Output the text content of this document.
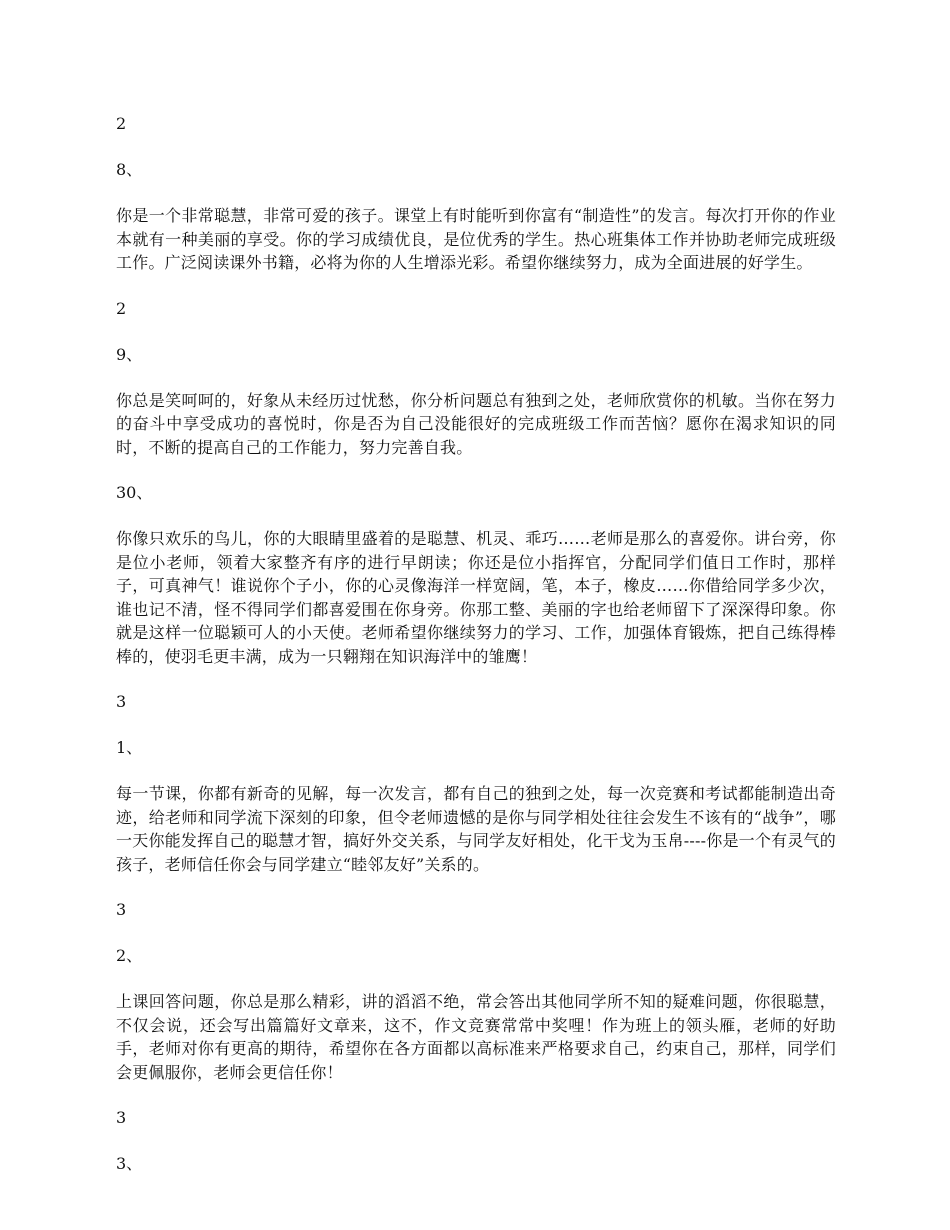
2

8、

你是一个非常聪慧，非常可爱的孩子。课堂上有时能听到你富有“制造性”的发言。每次打开你的作业本就有一种美丽的享受。你的学习成绩优良，是位优秀的学生。热心班集体工作并协助老师完成班级工作。广泛阅读课外书籍，必将为你的人生增添光彩。希望你继续努力，成为全面进展的好学生。

2

9、

你总是笑呵呵的，好象从未经历过忧愁，你分析问题总有独到之处，老师欣赏你的机敏。当你在努力的奋斗中享受成功的喜悦时，你是否为自己没能很好的完成班级工作而苦恼？愿你在渴求知识的同时，不断的提高自己的工作能力，努力完善自我。

30、

你像只欢乐的鸟儿，你的大眼睛里盛着的是聪慧、机灵、乖巧……老师是那么的喜爱你。讲台旁，你是位小老师，领着大家整齐有序的进行早朗读；你还是位小指挥官，分配同学们值日工作时，那样子，可真神气！谁说你个子小，你的心灵像海洋一样宽阔，笔，本子，橡皮……你借给同学多少次，谁也记不清，怪不得同学们都喜爱围在你身旁。你那工整、美丽的字也给老师留下了深深得印象。你就是这样一位聪颖可人的小天使。老师希望你继续努力的学习、工作，加强体育锻炼，把自己练得棒棒的，使羽毛更丰满，成为一只翱翔在知识海洋中的雏鹰！

3

1、

每一节课，你都有新奇的见解，每一次发言，都有自己的独到之处，每一次竞赛和考试都能制造出奇迹，给老师和同学流下深刻的印象，但令老师遗憾的是你与同学相处往往会发生不该有的“战争”，哪一天你能发挥自己的聪慧才智，搞好外交关系，与同学友好相处，化干戈为玉帛----你是一个有灵气的孩子，老师信任你会与同学建立“睦邻友好”关系的。

3

2、

上课回答问题，你总是那么精彩，讲的滔滔不绝，常会答出其他同学所不知的疑难问题，你很聪慧，不仅会说，还会写出篇篇好文章来，这不，作文竞赛常常中奖哩！作为班上的领头雁，老师的好助手，老师对你有更高的期待，希望你在各方面都以高标准来严格要求自己，约束自己，那样，同学们会更佩服你，老师会更信任你！

3

3、
